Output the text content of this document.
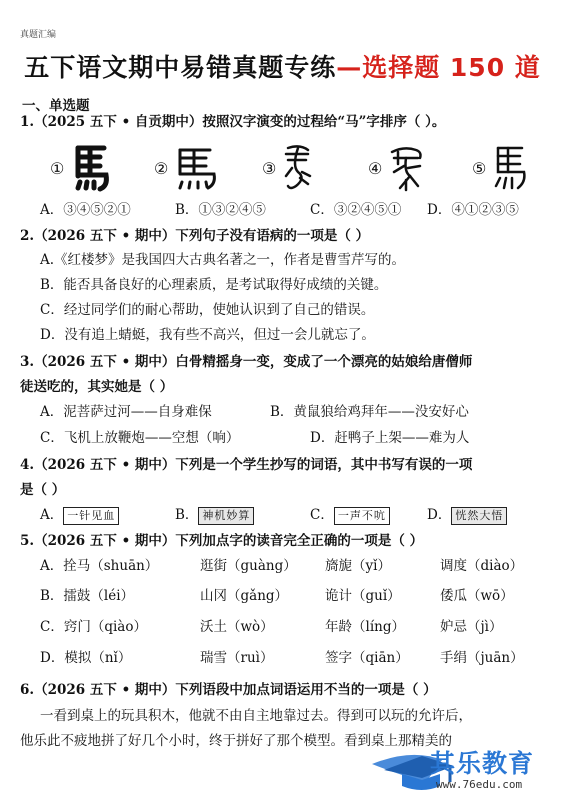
真题汇编
五下语文期中易错真题专练—选择题 150 道
一、单选题
1.（2025 五下 • 自贡期中）按照汉字演变的过程给“马”字排序（ ）。
①	②	③	④	⑤
A．③④⑤②①	B．①③②④⑤	C．③②④⑤① D．④①②③⑤
2.（2026 五下 • 期中）下列句子没有语病的一项是（ ）
A.《红楼梦》是我国四大古典名著之一，作者是曹雪芹写的。
B．能否具备良好的心理素质，是考试取得好成绩的关键。
C．经过同学们的耐心帮助，使她认识到了自己的错误。
D．没有追上蜻蜓，我有些不高兴，但过一会儿就忘了。
3.（2026 五下 • 期中）白骨精摇身一变，变成了一个漂亮的姑娘给唐僧师
徒送吃的，其实她是（ ）
A．泥菩萨过河——自身难保	B．黄鼠狼给鸡拜年——没安好心
C．飞机上放鞭炮——空想（响）	D．赶鸭子上架——难为人
4.（2026 五下 • 期中）下列是一个学生抄写的词语，其中书写有误的一项
是（ ）
A． 一针见血	B． 神机妙算	C． 一声不吭	D． 恍然大悟
5.（2026 五下 • 期中）下列加点字的读音完全正确的一项是（ ）
A．拴马（shuān）	逛街（guàng） 旖旎（yǐ）	调度（diào）
B．擂鼓（léi）	山冈（gǎng）	诡计（guǐ）	倭瓜（wō）
C．窍门（qiào）	沃土（wò）	年龄（líng）	妒忌（jì）
D．模拟（nǐ）	瑞雪（ruì）	签字（qiān） 手绢（juān）
6.（2026 五下 • 期中）下列语段中加点词语运用不当的一项是（ ）
一看到桌上的玩具积木，他就不由自主地靠过去。得到可以玩的允许后，
他乐此不疲地拼了好几个小时，终于拼好了那个模型。看到桌上那精美的
其乐教育
www.76edu.com
